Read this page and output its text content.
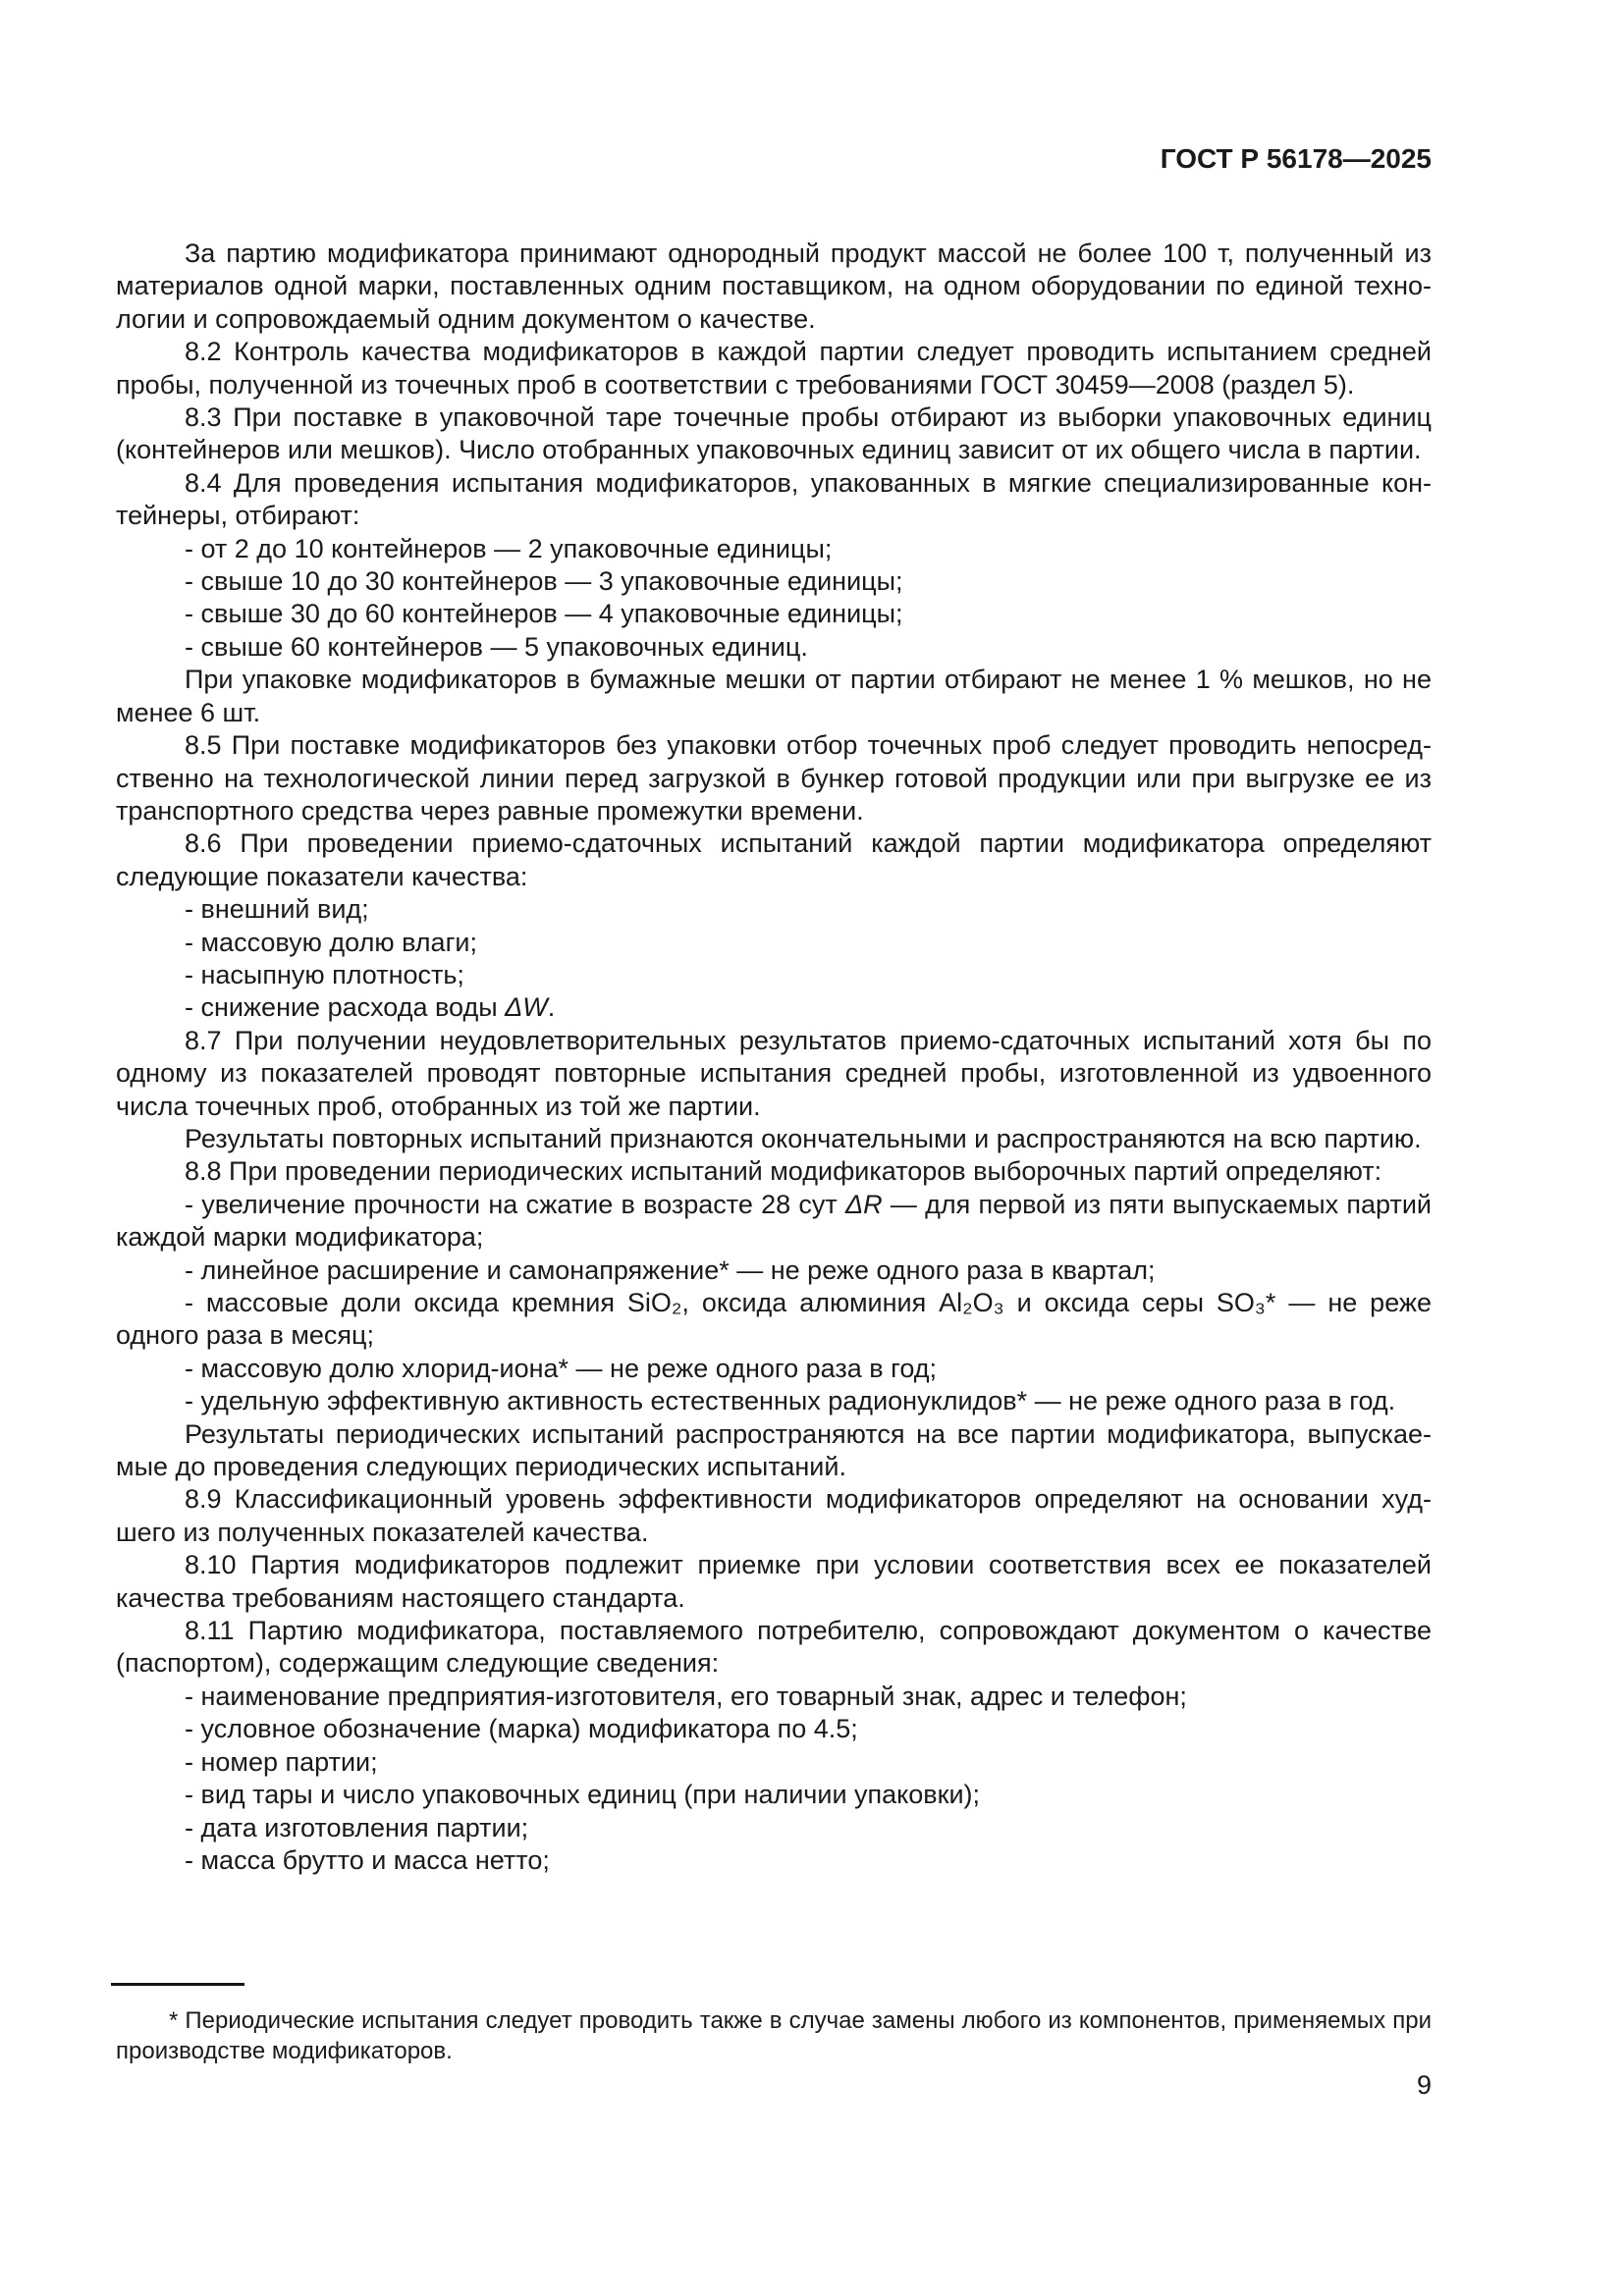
ГОСТ Р 56178—2025

За партию модификатора принимают однородный продукт массой не более 100 т, полученный из материалов одной марки, поставленных одним поставщиком, на одном оборудовании по единой технологии и сопровождаемый одним документом о качестве.

8.2 Контроль качества модификаторов в каждой партии следует проводить испытанием средней пробы, полученной из точечных проб в соответствии с требованиями ГОСТ 30459—2008 (раздел 5).

8.3 При поставке в упаковочной таре точечные пробы отбирают из выборки упаковочных единиц (контейнеров или мешков). Число отобранных упаковочных единиц зависит от их общего числа в партии.

8.4 Для проведения испытания модификаторов, упакованных в мягкие специализированные контейнеры, отбирают:

- от 2 до 10 контейнеров — 2 упаковочные единицы;

- свыше 10 до 30 контейнеров — 3 упаковочные единицы;

- свыше 30 до 60 контейнеров — 4 упаковочные единицы;

- свыше 60 контейнеров — 5 упаковочных единиц.

При упаковке модификаторов в бумажные мешки от партии отбирают не менее 1 % мешков, но не менее 6 шт.

8.5 При поставке модификаторов без упаковки отбор точечных проб следует проводить непосредственно на технологической линии перед загрузкой в бункер готовой продукции или при выгрузке ее из транспортного средства через равные промежутки времени.

8.6 При проведении приемо-сдаточных испытаний каждой партии модификатора определяют следующие показатели качества:

- внешний вид;

- массовую долю влаги;

- насыпную плотность;

- снижение расхода воды ΔW.

8.7 При получении неудовлетворительных результатов приемо-сдаточных испытаний хотя бы по одному из показателей проводят повторные испытания средней пробы, изготовленной из удвоенного числа точечных проб, отобранных из той же партии.

Результаты повторных испытаний признаются окончательными и распространяются на всю партию.

8.8 При проведении периодических испытаний модификаторов выборочных партий определяют:

- увеличение прочности на сжатие в возрасте 28 сут ΔR — для первой из пяти выпускаемых партий каждой марки модификатора;

- линейное расширение и самонапряжение* — не реже одного раза в квартал;

- массовые доли оксида кремния SiO₂, оксида алюминия Al₂O₃ и оксида серы SO₃* — не реже одного раза в месяц;

- массовую долю хлорид-иона* — не реже одного раза в год;

- удельную эффективную активность естественных радионуклидов* — не реже одного раза в год.

Результаты периодических испытаний распространяются на все партии модификатора, выпускаемые до проведения следующих периодических испытаний.

8.9 Классификационный уровень эффективности модификаторов определяют на основании худшего из полученных показателей качества.

8.10 Партия модификаторов подлежит приемке при условии соответствия всех ее показателей качества требованиям настоящего стандарта.

8.11 Партию модификатора, поставляемого потребителю, сопровождают документом о качестве (паспортом), содержащим следующие сведения:

- наименование предприятия-изготовителя, его товарный знак, адрес и телефон;

- условное обозначение (марка) модификатора по 4.5;

- номер партии;

- вид тары и число упаковочных единиц (при наличии упаковки);

- дата изготовления партии;

- масса брутто и масса нетто;

* Периодические испытания следует проводить также в случае замены любого из компонентов, применяемых при производстве модификаторов.

9
